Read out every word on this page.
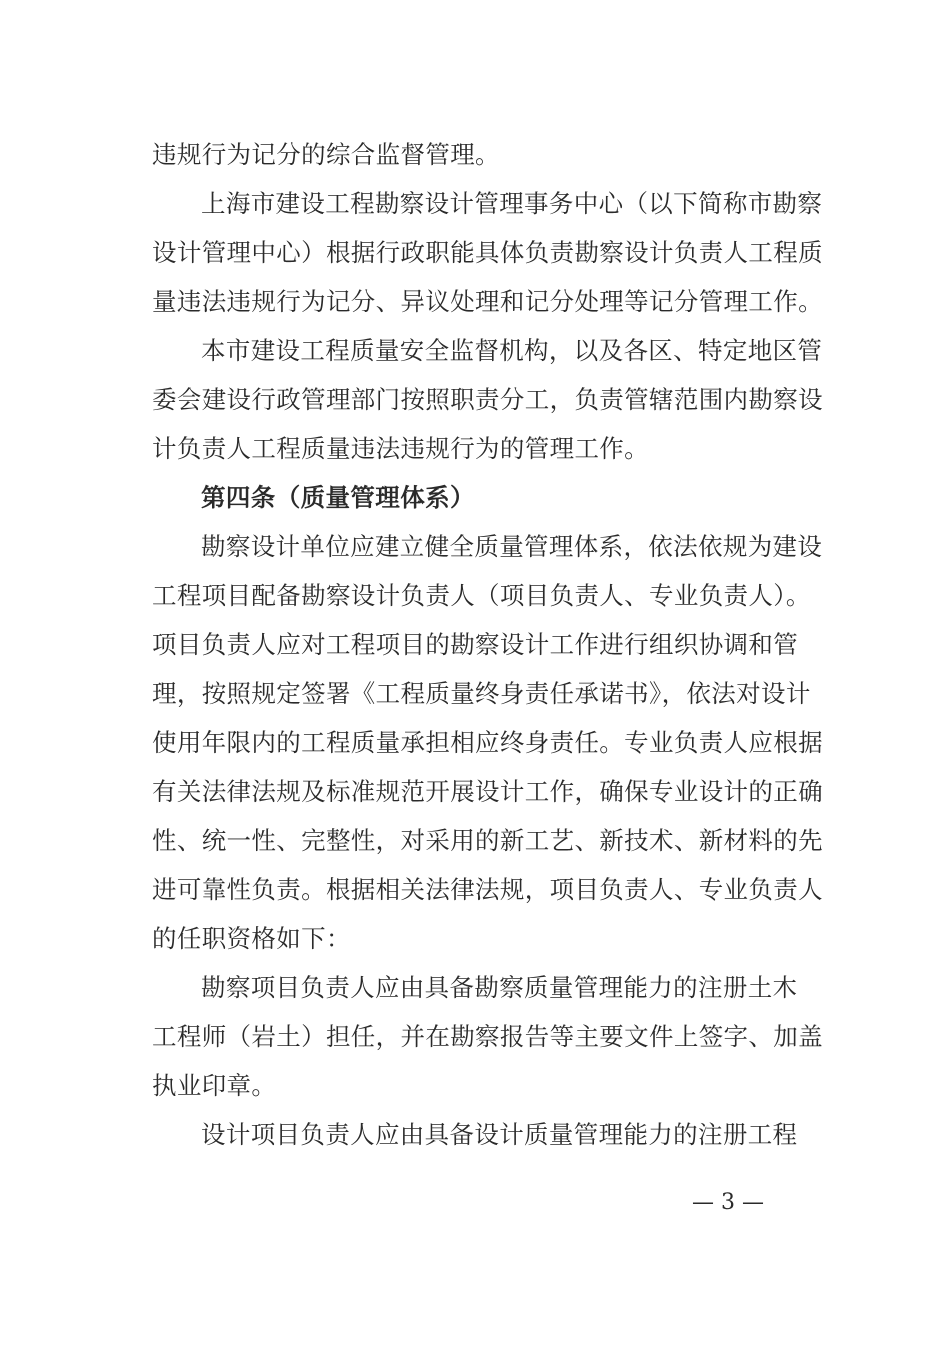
违规行为记分的综合监督管理。
上海市建设工程勘察设计管理事务中心（以下简称市勘察
设计管理中心）根据行政职能具体负责勘察设计负责人工程质
量违法违规行为记分、异议处理和记分处理等记分管理工作。
本市建设工程质量安全监督机构，以及各区、特定地区管
委会建设行政管理部门按照职责分工，负责管辖范围内勘察设
计负责人工程质量违法违规行为的管理工作。
第四条（质量管理体系）
勘察设计单位应建立健全质量管理体系，依法依规为建设
工程项目配备勘察设计负责人（项目负责人、专业负责人）。
项目负责人应对工程项目的勘察设计工作进行组织协调和管
理，按照规定签署《工程质量终身责任承诺书》，依法对设计
使用年限内的工程质量承担相应终身责任。专业负责人应根据
有关法律法规及标准规范开展设计工作，确保专业设计的正确
性、统一性、完整性，对采用的新工艺、新技术、新材料的先
进可靠性负责。根据相关法律法规，项目负责人、专业负责人
的任职资格如下：
勘察项目负责人应由具备勘察质量管理能力的注册土木
工程师（岩土）担任，并在勘察报告等主要文件上签字、加盖
执业印章。
设计项目负责人应由具备设计质量管理能力的注册工程
— 3 —
